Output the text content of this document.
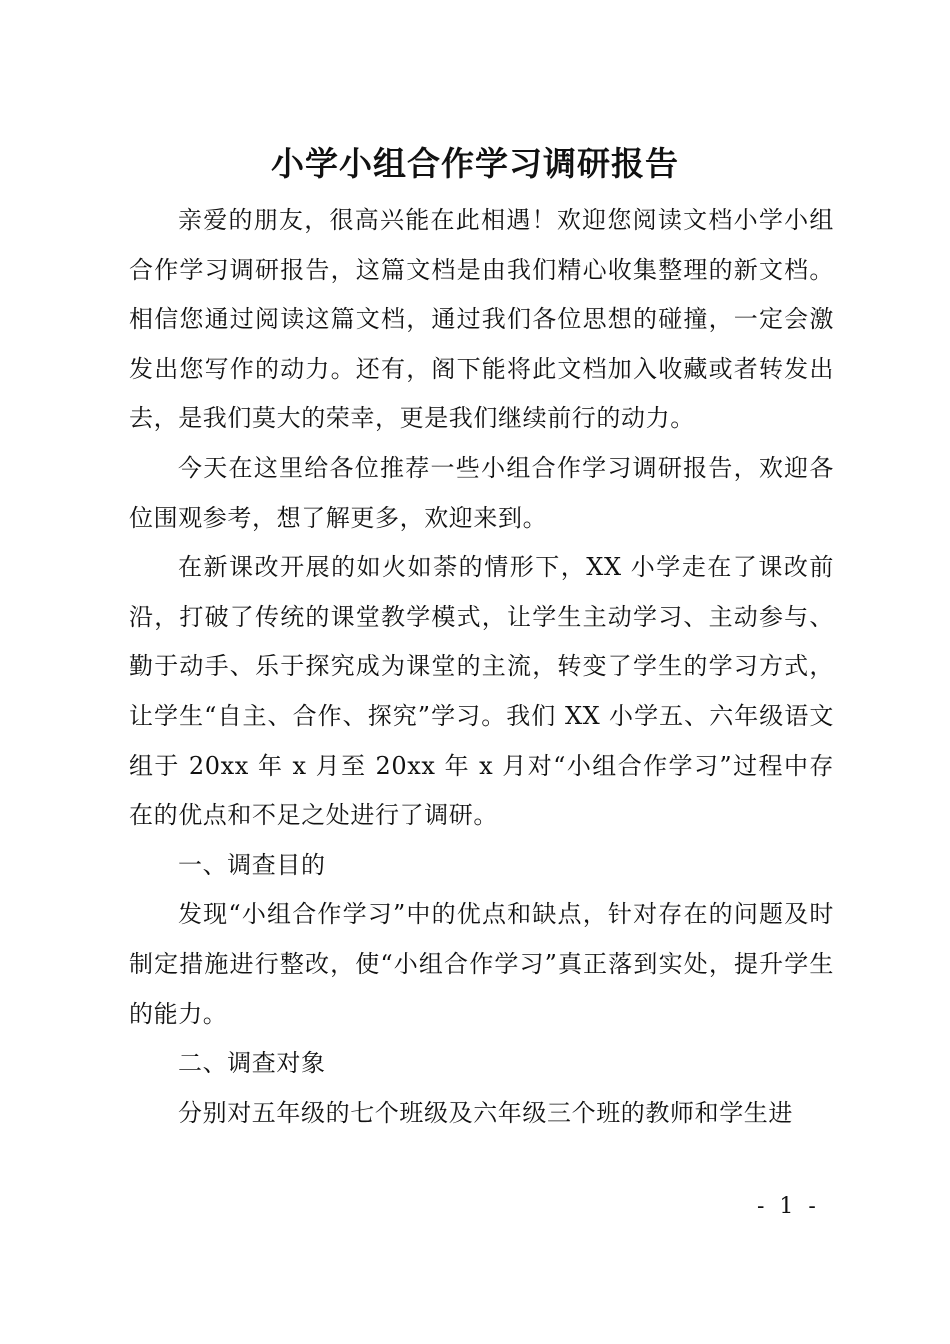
小学小组合作学习调研报告

亲爱的朋友，很高兴能在此相遇！欢迎您阅读文档小学小组合作学习调研报告，这篇文档是由我们精心收集整理的新文档。相信您通过阅读这篇文档，通过我们各位思想的碰撞，一定会激发出您写作的动力。还有，阁下能将此文档加入收藏或者转发出去，是我们莫大的荣幸，更是我们继续前行的动力。

今天在这里给各位推荐一些小组合作学习调研报告，欢迎各位围观参考，想了解更多，欢迎来到。

在新课改开展的如火如荼的情形下，XX 小学走在了课改前沿，打破了传统的课堂教学模式，让学生主动学习、主动参与、勤于动手、乐于探究成为课堂的主流，转变了学生的学习方式，让学生“自主、合作、探究”学习。我们 XX 小学五、六年级语文组于 20xx 年 x 月至 20xx 年 x 月对“小组合作学习”过程中存在的优点和不足之处进行了调研。

一、调查目的

发现“小组合作学习”中的优点和缺点，针对存在的问题及时制定措施进行整改，使“小组合作学习”真正落到实处，提升学生的能力。

二、调查对象

分别对五年级的七个班级及六年级三个班的教师和学生进

- 1 -
